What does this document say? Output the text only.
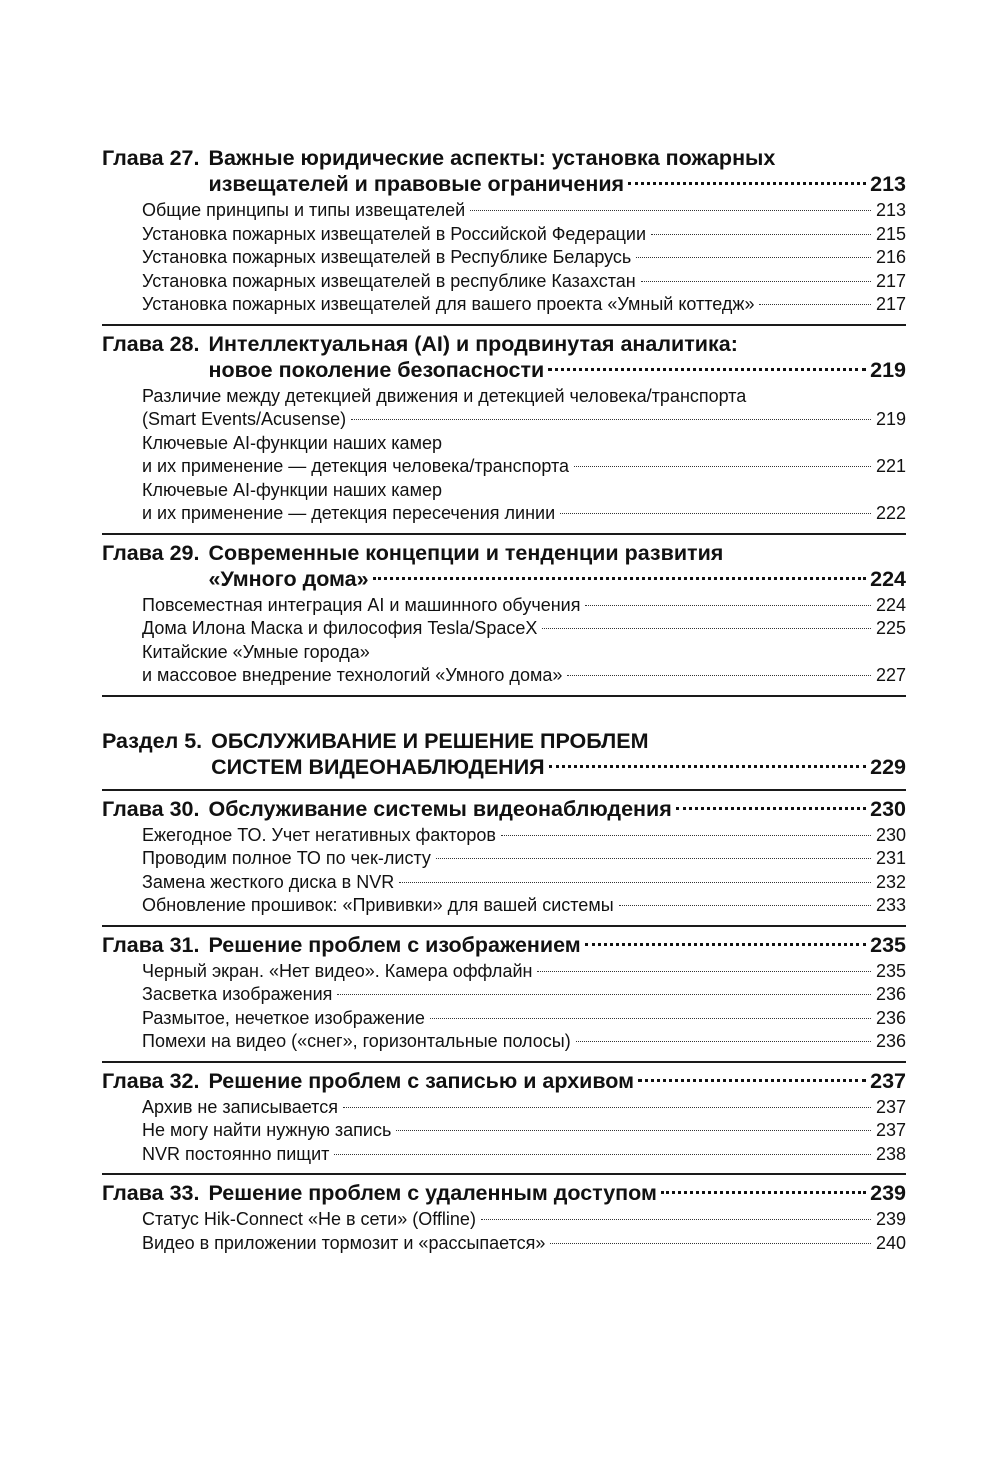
Глава 27. Важные юридические аспекты: установка пожарных
извещателей и правовые ограничения	213
Общие принципы и типы извещателей	213
Установка пожарных извещателей в Российской Федерации	215
Установка пожарных извещателей в Республике Беларусь	216
Установка пожарных извещателей в республике Казахстан	217
Установка пожарных извещателей для вашего проекта «Умный коттедж»	217
Глава 28. Интеллектуальная (AI) и продвинутая аналитика:
новое поколение безопасности	219
Различие между детекцией движения и детекцией человека/транспорта
(Smart Events/Acusense)	219
Ключевые AI-функции наших камер
и их применение — детекция человека/транспорта	221
Ключевые AI-функции наших камер
и их применение — детекция пересечения линии	222
Глава 29. Современные концепции и тенденции развития
«Умного дома»	224
Повсеместная интеграция AI и машинного обучения	224
Дома Илона Маска и философия Tesla/SpaceX	225
Китайские «Умные города»
и массовое внедрение технологий «Умного дома»	227
Раздел 5. ОБСЛУЖИВАНИЕ И РЕШЕНИЕ ПРОБЛЕМ
СИСТЕМ ВИДЕОНАБЛЮДЕНИЯ	229
Глава 30. Обслуживание системы видеонаблюдения	230
Ежегодное ТО. Учет негативных факторов	230
Проводим полное ТО по чек-листу	231
Замена жесткого диска в NVR	232
Обновление прошивок: «Прививки» для вашей системы	233
Глава 31. Решение проблем с изображением	235
Черный экран. «Нет видео». Камера оффлайн	235
Засветка изображения	236
Размытое, нечеткое изображение	236
Помехи на видео («снег», горизонтальные полосы)	236
Глава 32. Решение проблем с записью и архивом	237
Архив не записывается	237
Не могу найти нужную запись	237
NVR постоянно пищит	238
Глава 33. Решение проблем с удаленным доступом	239
Статус Hik-Connect «Не в сети» (Offline)	239
Видео в приложении тормозит и «рассыпается»	240
